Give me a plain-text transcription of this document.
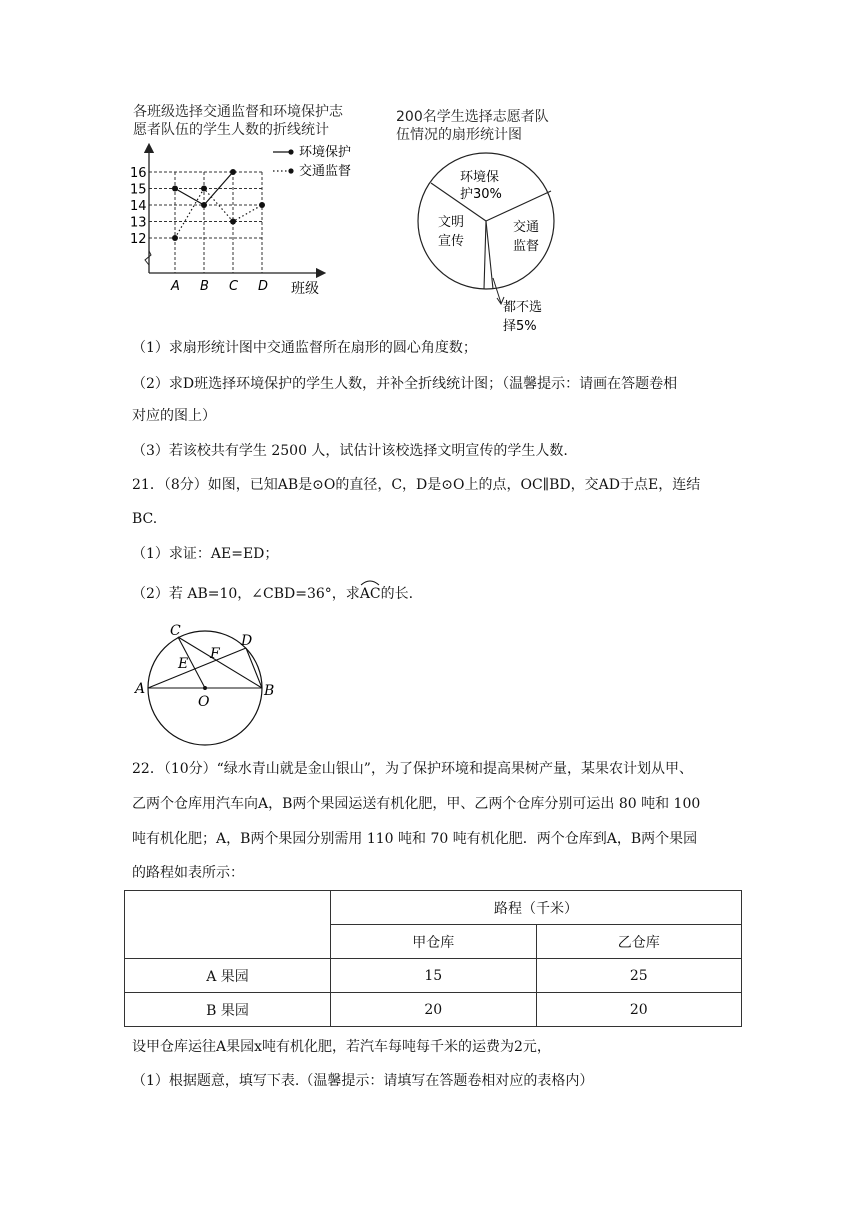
各班级选择交通监督和环境保护志
愿者队伍的学生人数的折线统计
12
13
14
15
16
A B C D
环境保护
交通监督
班级
200名学生选择志愿者队
伍情况的扇形统计图
环境保
护30%
文明
宣传
交通
监督
都不选
择5%
（1）求扇形统计图中交通监督所在扇形的圆心角度数；
（2）求D班选择环境保护的学生人数，并补全折线统计图；（温馨提示：请画在答题卷相
对应的图上）
（3）若该校共有学生 2500 人，试估计该校选择文明宣传的学生人数.
21．（8分）如图，已知AB是⊙O的直径，C，D是⊙O上的点，OC∥BD，交AD于点E，连结
BC.
（1）求证：AE=ED；
（2）若 AB=10，∠CBD=36°，求
AC的长.
C
D
F
E
A	B
O
22．（10分）“绿水青山就是金山银山”，为了保护环境和提高果树产量，某果农计划从甲、
乙两个仓库用汽车向A，B两个果园运送有机化肥，甲、乙两个仓库分别可运出 80 吨和 100
吨有机化肥；A，B两个果园分别需用 110 吨和 70 吨有机化肥．两个仓库到A，B两个果园
的路程如表所示：
	路程（千米）	
	甲仓库	乙仓库
A 果园	15	25
B 果园	20	20
设甲仓库运往A果园x吨有机化肥，若汽车每吨每千米的运费为2元，
（1）根据题意，填写下表.（温馨提示：请填写在答题卷相对应的表格内）
